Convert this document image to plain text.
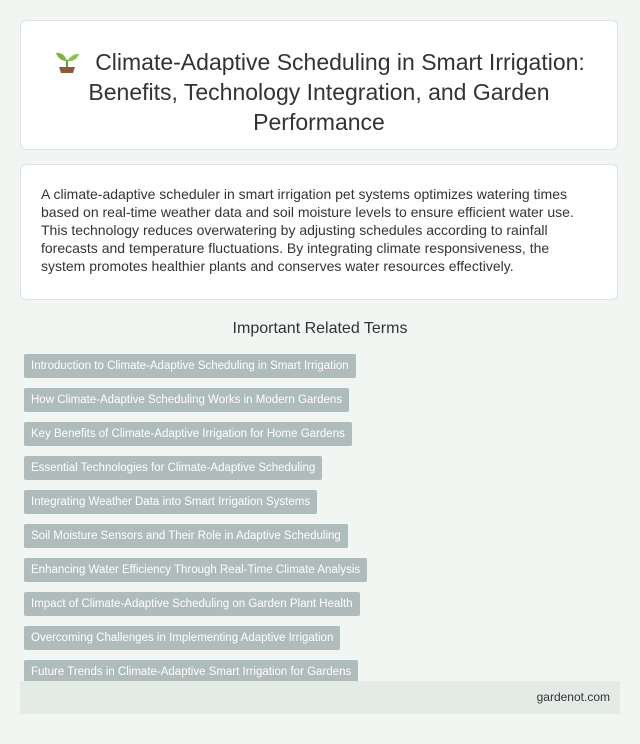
Climate-Adaptive Scheduling in Smart Irrigation: Benefits, Technology Integration, and Garden Performance

A climate-adaptive scheduler in smart irrigation pet systems optimizes watering times based on real-time weather data and soil moisture levels to ensure efficient water use. This technology reduces overwatering by adjusting schedules according to rainfall forecasts and temperature fluctuations. By integrating climate responsiveness, the system promotes healthier plants and conserves water resources effectively.

Important Related Terms
Introduction to Climate-Adaptive Scheduling in Smart Irrigation
How Climate-Adaptive Scheduling Works in Modern Gardens
Key Benefits of Climate-Adaptive Irrigation for Home Gardens
Essential Technologies for Climate-Adaptive Scheduling
Integrating Weather Data into Smart Irrigation Systems
Soil Moisture Sensors and Their Role in Adaptive Scheduling
Enhancing Water Efficiency Through Real-Time Climate Analysis
Impact of Climate-Adaptive Scheduling on Garden Plant Health
Overcoming Challenges in Implementing Adaptive Irrigation
Future Trends in Climate-Adaptive Smart Irrigation for Gardens
gardenot.com
